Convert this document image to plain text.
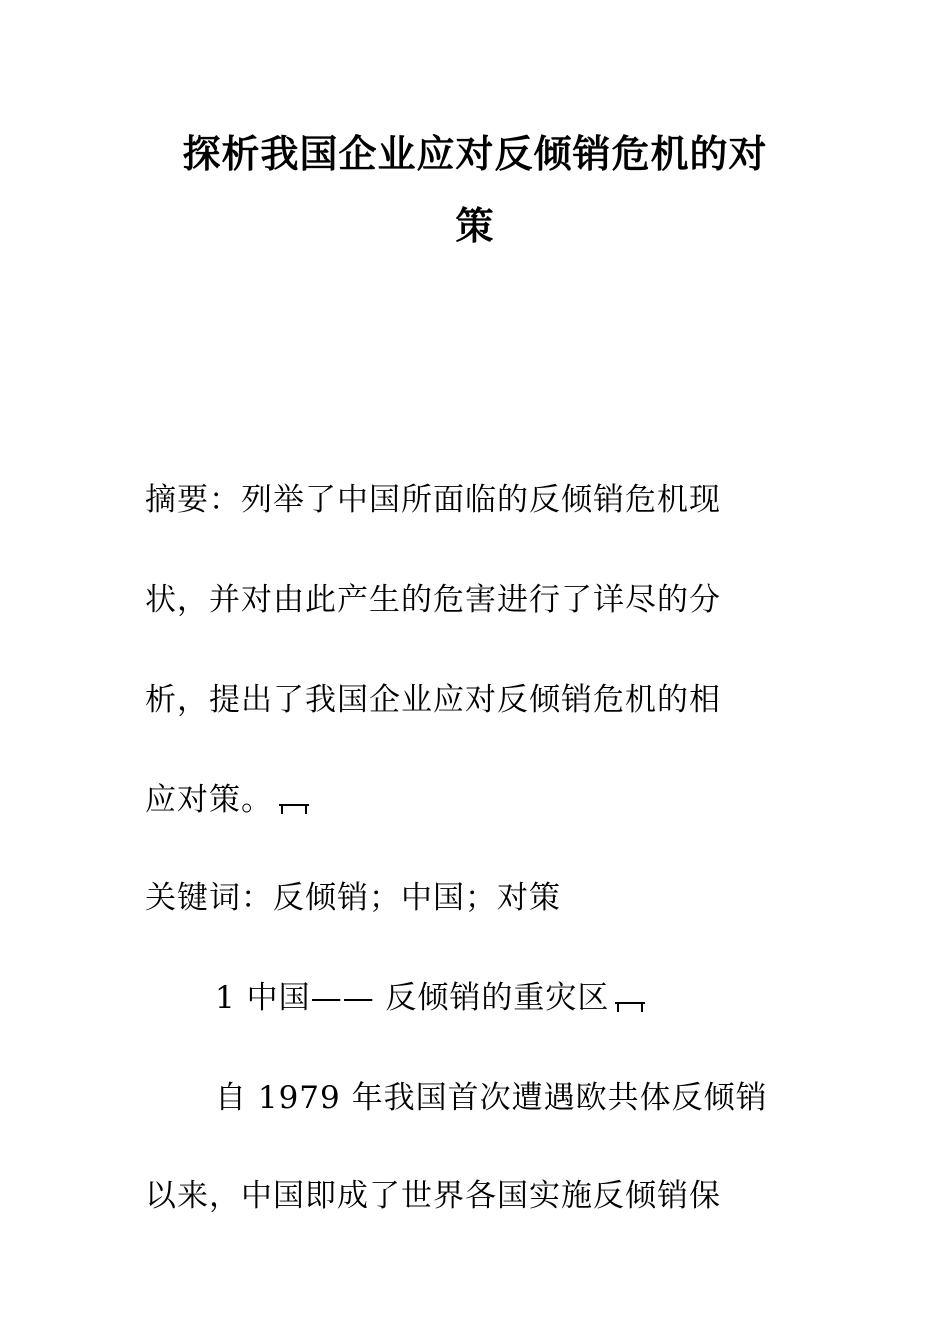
探析我国企业应对反倾销危机的对
策
摘要：列举了中国所面临的反倾销危机现
状，并对由此产生的危害进行了详尽的分
析，提出了我国企业应对反倾销危机的相
应对策。
关键词：反倾销；中国；对策
1 中国—— 反倾销的重灾区
自 1979 年我国首次遭遇欧共体反倾销
以来，中国即成了世界各国实施反倾销保
